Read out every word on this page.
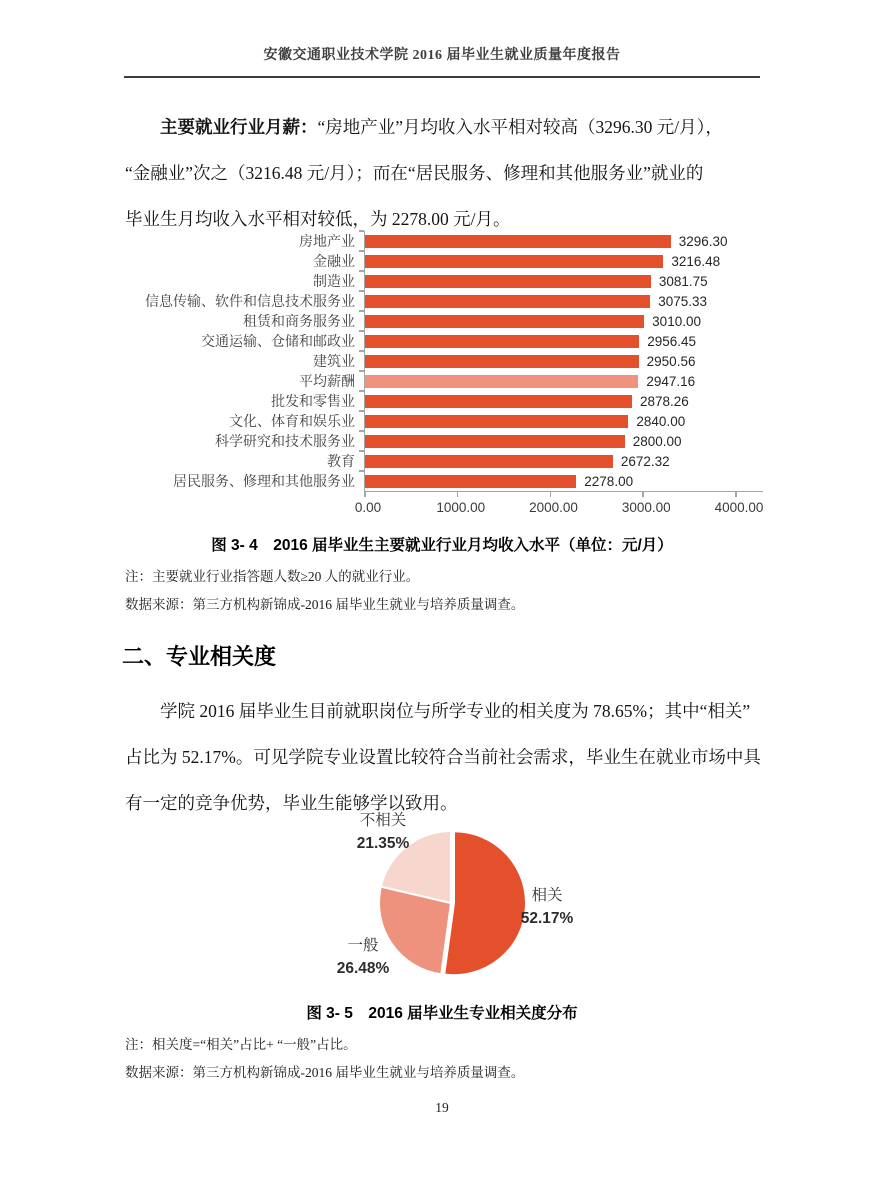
安徽交通职业技术学院 2016 届毕业生就业质量年度报告
主要就业行业月薪：“房地产业”月均收入水平相对较高（3296.30 元/月），
“金融业”次之（3216.48 元/月）；而在“居民服务、修理和其他服务业”就业的
毕业生月均收入水平相对较低，为 2278.00 元/月。
房地产业	3296.30
金融业	3216.48
制造业	3081.75
信息传输、软件和信息技术服务业	3075.33
租赁和商务服务业	3010.00
交通运输、仓储和邮政业	2956.45
建筑业	2950.56
平均薪酬	2947.16
批发和零售业	2878.26
文化、体育和娱乐业	2840.00
科学研究和技术服务业	2800.00
教育	2672.32
居民服务、修理和其他服务业	2278.00
0.00	1000.00	2000.00	3000.00	4000.00
图 3- 4　2016 届毕业生主要就业行业月均收入水平（单位：元/月）
注：主要就业行业指答题人数≥20 人的就业行业。
数据来源：第三方机构新锦成-2016 届毕业生就业与培养质量调查。
二、专业相关度
学院 2016 届毕业生目前就职岗位与所学专业的相关度为 78.65%；其中“相关”
占比为 52.17%。可见学院专业设置比较符合当前社会需求，毕业生在就业市场中具
有一定的竞争优势，毕业生能够学以致用。
不相关
21.35%
相关
52.17%
一般
26.48%
图 3- 5　2016 届毕业生专业相关度分布
注：相关度=“相关”占比+ “一般”占比。
数据来源：第三方机构新锦成-2016 届毕业生就业与培养质量调查。
19
